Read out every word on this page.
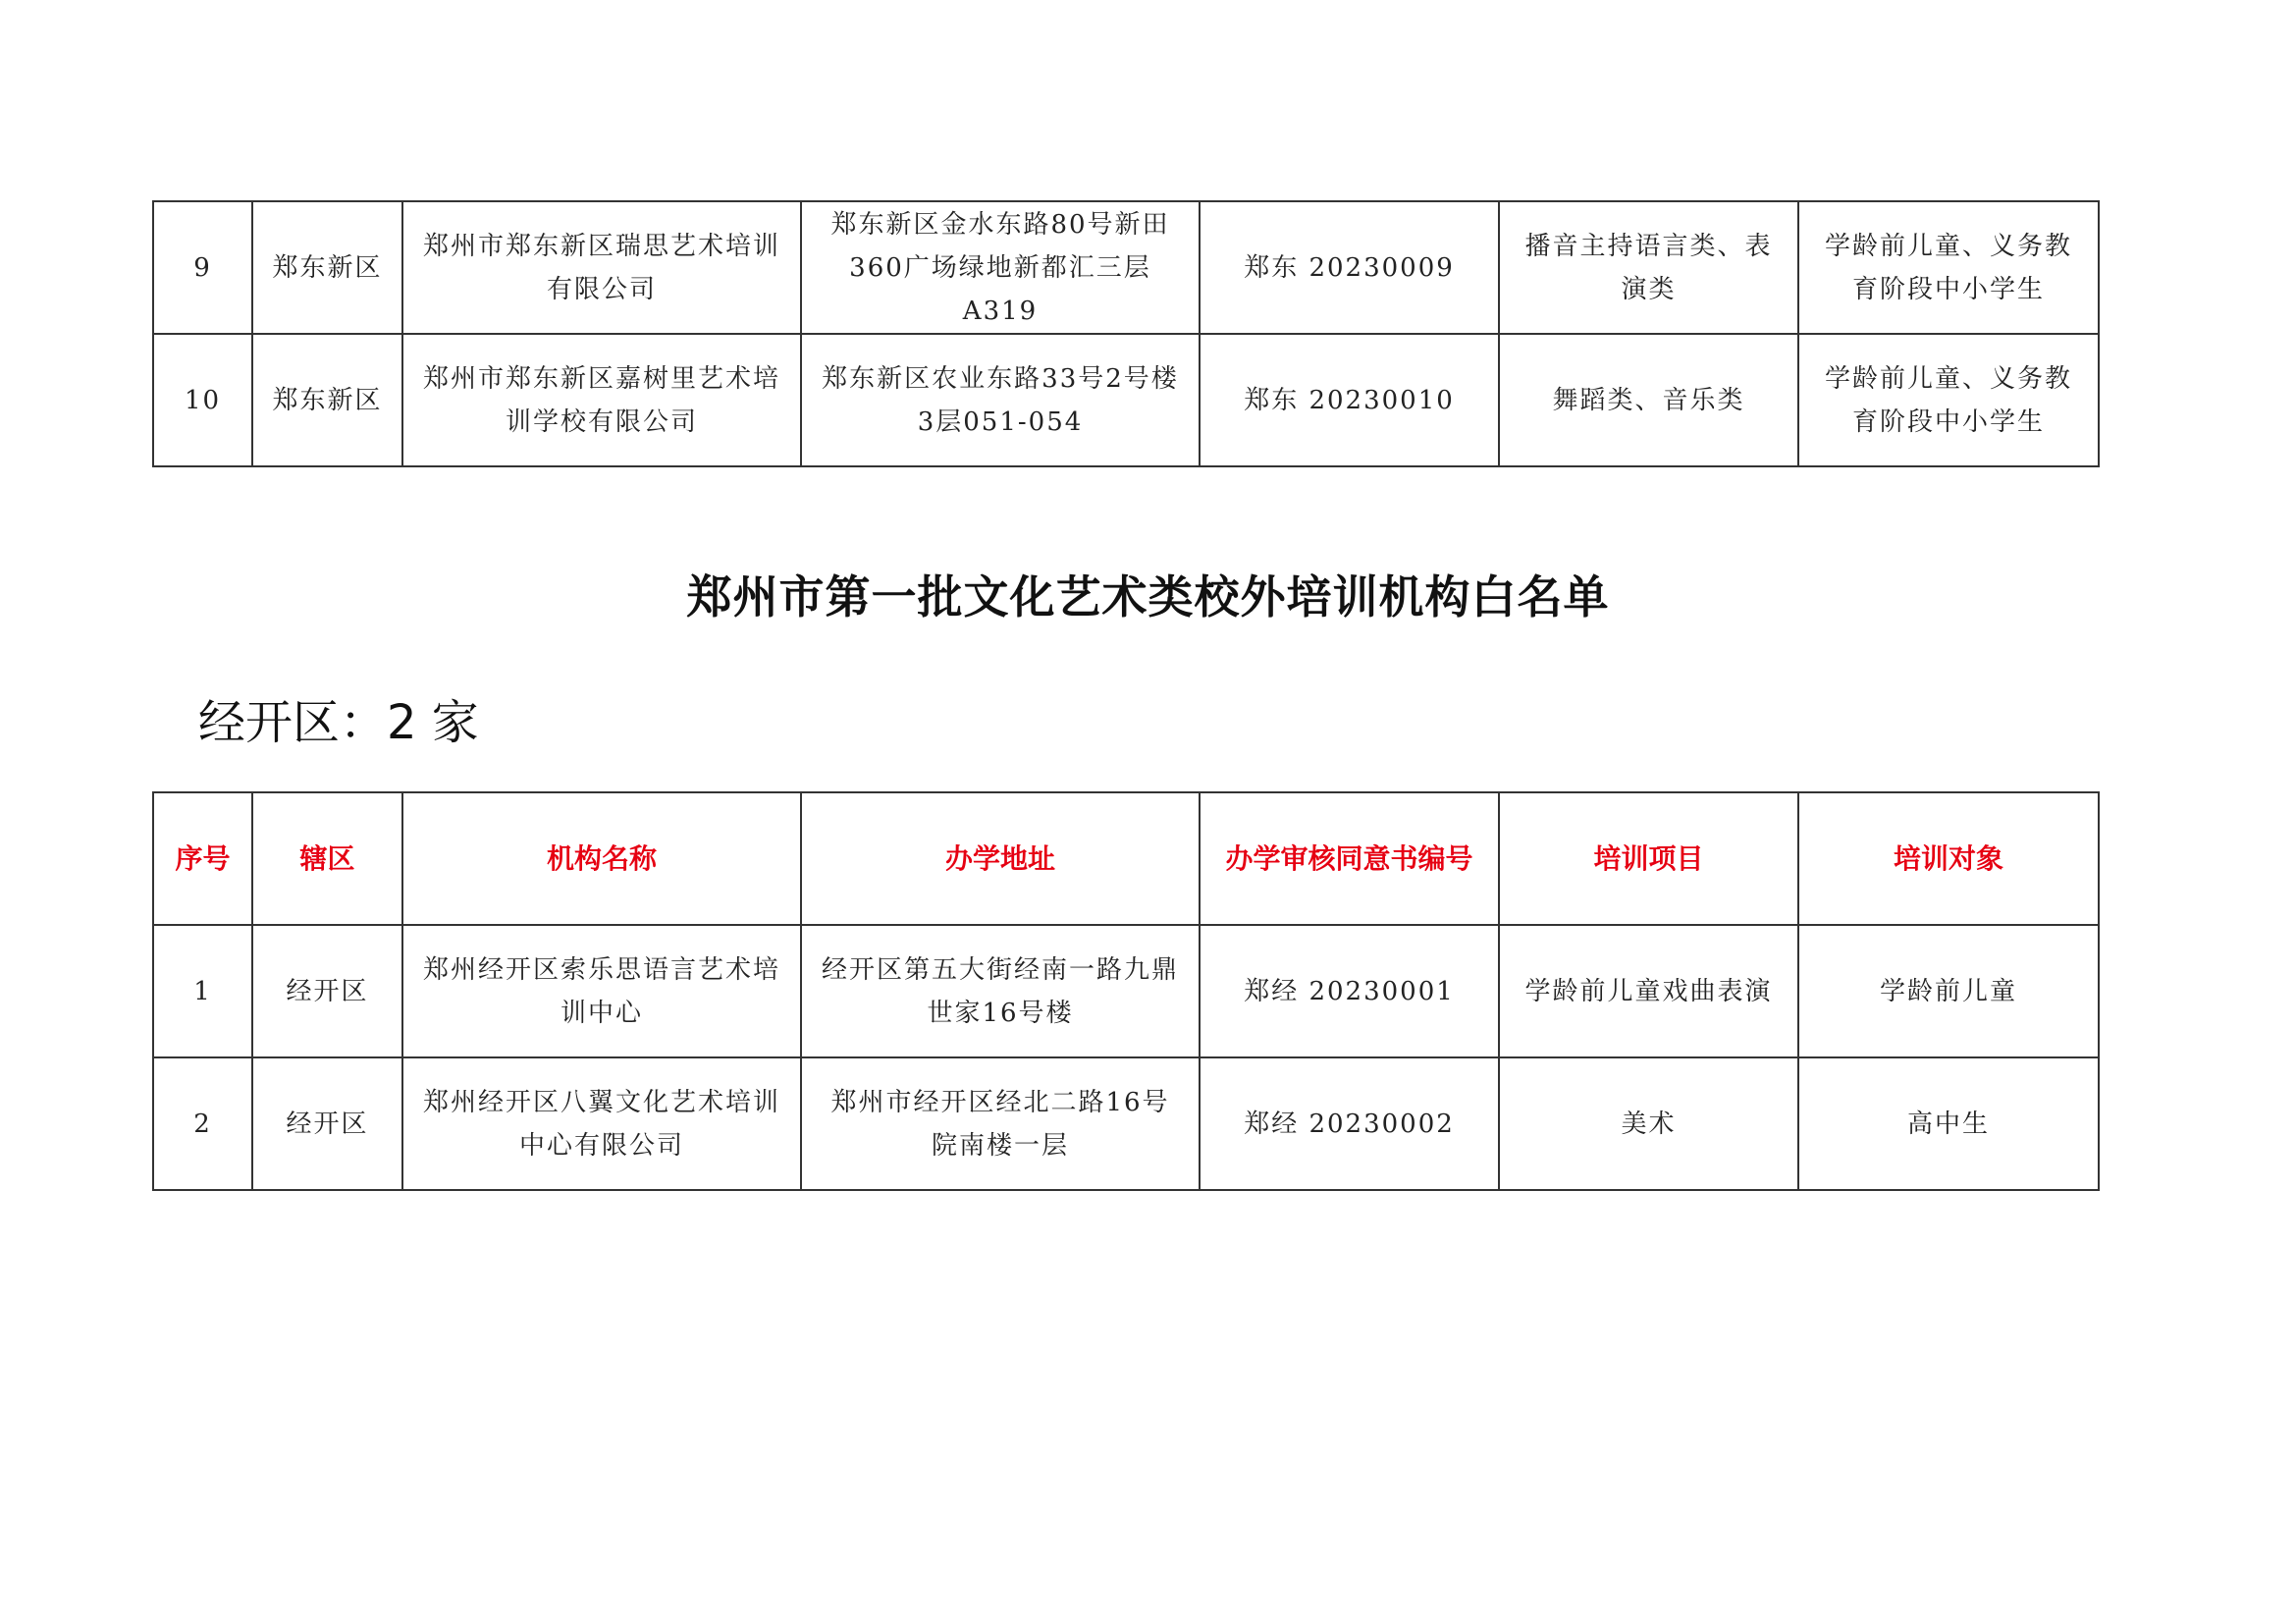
9	郑东新区	郑州市郑东新区瑞思艺术培训有限公司	郑东新区金水东路80号新田360广场绿地新都汇三层A319	郑东 20230009	播音主持语言类、表演类	学龄前儿童、义务教育阶段中小学生
10	郑东新区	郑州市郑东新区嘉树里艺术培训学校有限公司	郑东新区农业东路33号2号楼3层051-054	郑东 20230010	舞蹈类、音乐类	学龄前儿童、义务教育阶段中小学生
郑州市第一批文化艺术类校外培训机构白名单
经开区：2 家
序号	辖区	机构名称	办学地址	办学审核同意书编号	培训项目	培训对象
1	经开区	郑州经开区索乐思语言艺术培训中心	经开区第五大街经南一路九鼎世家16号楼	郑经 20230001	学龄前儿童戏曲表演	学龄前儿童
2	经开区	郑州经开区八翼文化艺术培训中心有限公司	郑州市经开区经北二路16号院南楼一层	郑经 20230002	美术	高中生
